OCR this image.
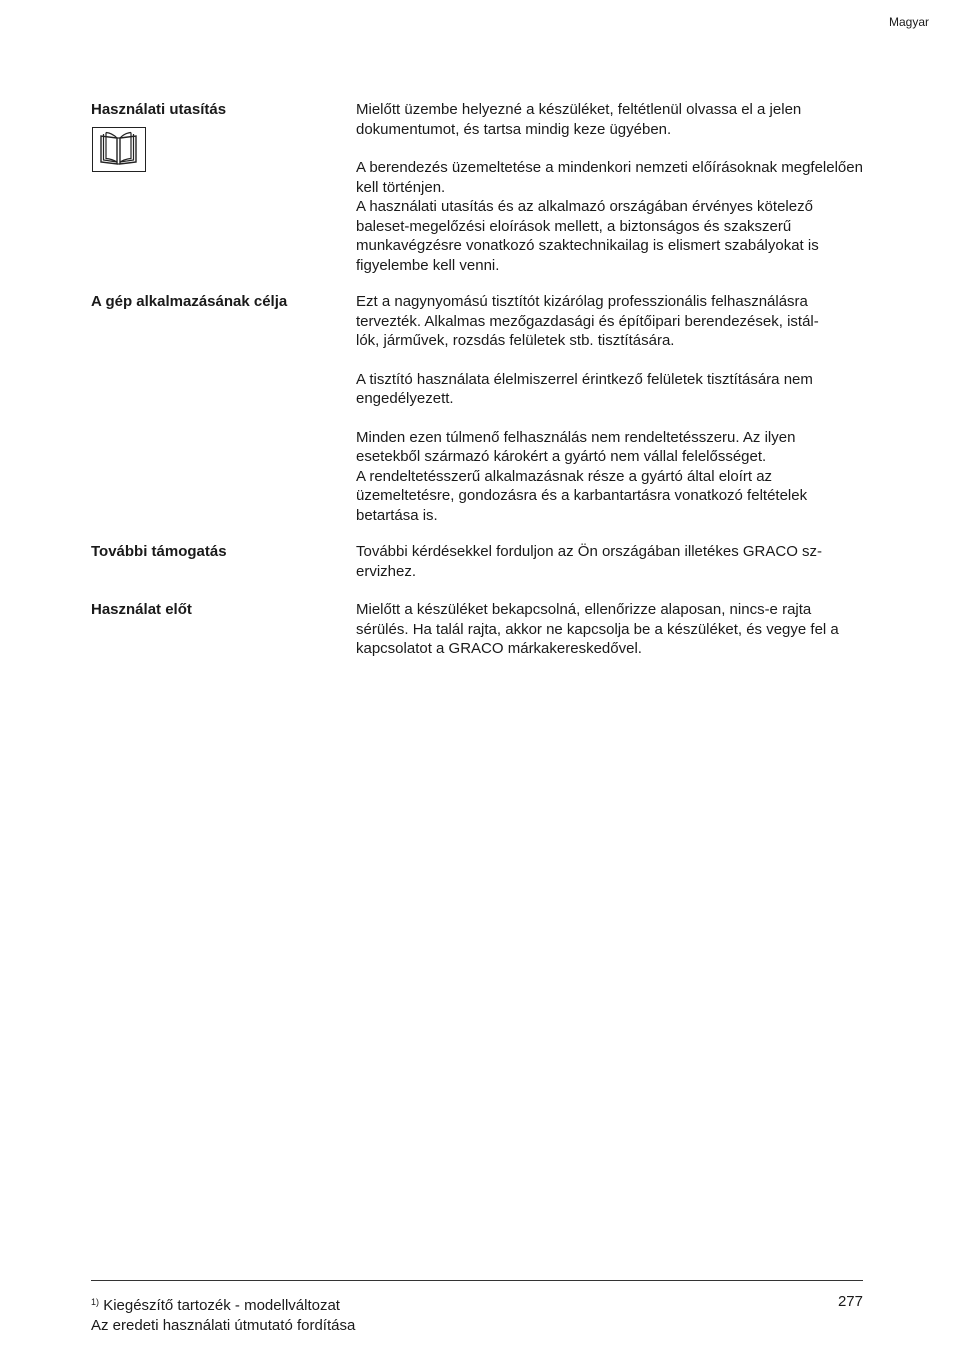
Magyar
Használati utasítás	Mielőtt üzembe helyezné a készüléket, feltétlenül olvassa el a jelen dokumentumot, és tartsa mindig keze ügyében.

A berendezés üzemeltetése a mindenkori nemzeti előírásoknak megfelelően kell történjen.
A használati utasítás és az alkalmazó országában érvényes kötelező baleset-megelőzési eloírások mellett, a biztonságos és szakszerű munkavégzésre vonatkozó szaktechnikailag is elismert szabályokat is figyelembe kell venni.

A gép alkalmazásának célja	Ezt a nagynyomású tisztítót kizárólag professzionális felhasználásra tervezték. Alkalmas mezőgazdasági és építőipari berendezések, istál-
lók, járművek, rozsdás felületek stb. tisztítására.

A tisztító használata élelmiszerrel érintkező felületek tisztítására nem engedélyezett.

Minden ezen túlmenő felhasználás nem rendeltetésszeru. Az ilyen esetekből származó károkért a gyártó nem vállal felelősséget.
A rendeltetésszerű alkalmazásnak része a gyártó által eloírt az üzemeltetésre, gondozásra és a karbantartásra vonatkozó feltételek betartása is.

További támogatás	További kérdésekkel forduljon az Ön országában illetékes GRACO sz-
ervizhez.

Használat előt	Mielőtt a készüléket bekapcsolná, ellenőrizze alaposan, nincs-e rajta sérülés. Ha talál rajta, akkor ne kapcsolja be a készüléket, és vegye fel a kapcsolatot a GRACO márkakereskedővel.

$^{1)}$ Kiegészítő tartozék - modellváltozat
Az eredeti használati útmutató fordítása
277
